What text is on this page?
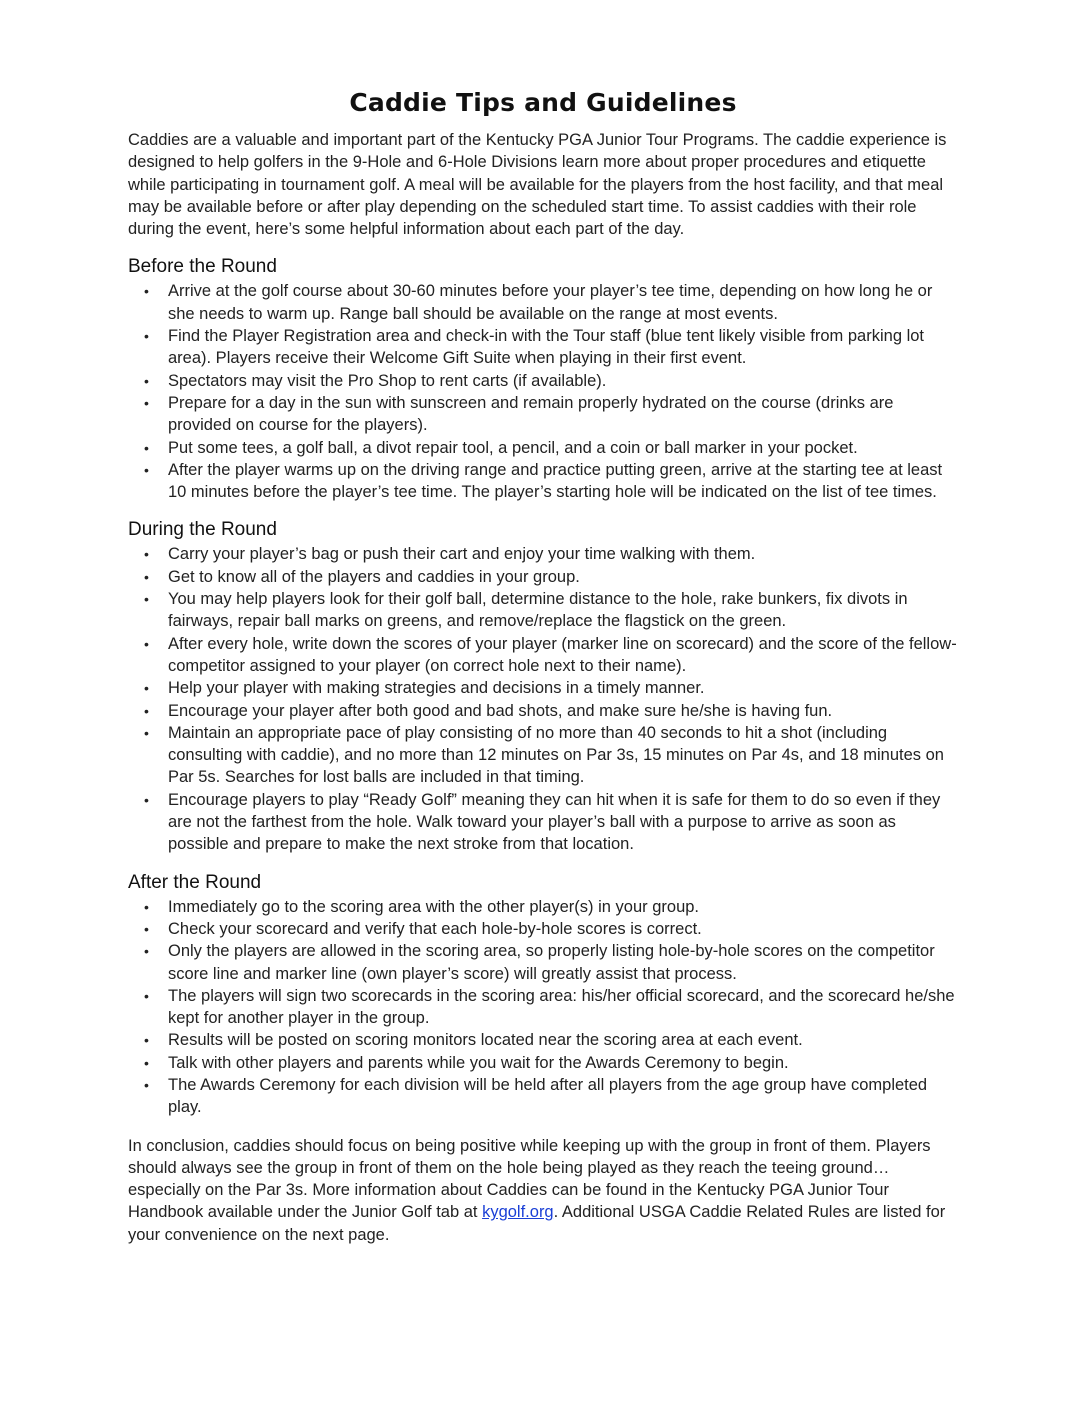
Caddie Tips and Guidelines

Caddies are a valuable and important part of the Kentucky PGA Junior Tour Programs. The caddie experience is designed to help golfers in the 9-Hole and 6-Hole Divisions learn more about proper procedures and etiquette while participating in tournament golf. A meal will be available for the players from the host facility, and that meal may be available before or after play depending on the scheduled start time. To assist caddies with their role during the event, here’s some helpful information about each part of the day.

Before the Round
• Arrive at the golf course about 30-60 minutes before your player’s tee time, depending on how long he or she needs to warm up. Range ball should be available on the range at most events.
• Find the Player Registration area and check-in with the Tour staff (blue tent likely visible from parking lot area). Players receive their Welcome Gift Suite when playing in their first event.
• Spectators may visit the Pro Shop to rent carts (if available).
• Prepare for a day in the sun with sunscreen and remain properly hydrated on the course (drinks are provided on course for the players).
• Put some tees, a golf ball, a divot repair tool, a pencil, and a coin or ball marker in your pocket.
• After the player warms up on the driving range and practice putting green, arrive at the starting tee at least 10 minutes before the player’s tee time. The player’s starting hole will be indicated on the list of tee times.
During the Round
• Carry your player’s bag or push their cart and enjoy your time walking with them.
• Get to know all of the players and caddies in your group.
• You may help players look for their golf ball, determine distance to the hole, rake bunkers, fix divots in fairways, repair ball marks on greens, and remove/replace the flagstick on the green.
• After every hole, write down the scores of your player (marker line on scorecard) and the score of the fellow-competitor assigned to your player (on correct hole next to their name).
• Help your player with making strategies and decisions in a timely manner.
• Encourage your player after both good and bad shots, and make sure he/she is having fun.
• Maintain an appropriate pace of play consisting of no more than 40 seconds to hit a shot (including consulting with caddie), and no more than 12 minutes on Par 3s, 15 minutes on Par 4s, and 18 minutes on Par 5s. Searches for lost balls are included in that timing.
• Encourage players to play “Ready Golf” meaning they can hit when it is safe for them to do so even if they are not the farthest from the hole. Walk toward your player’s ball with a purpose to arrive as soon as possible and prepare to make the next stroke from that location.
After the Round
• Immediately go to the scoring area with the other player(s) in your group.
• Check your scorecard and verify that each hole-by-hole scores is correct.
• Only the players are allowed in the scoring area, so properly listing hole-by-hole scores on the competitor score line and marker line (own player’s score) will greatly assist that process.
• The players will sign two scorecards in the scoring area: his/her official scorecard, and the scorecard he/she kept for another player in the group.
• Results will be posted on scoring monitors located near the scoring area at each event.
• Talk with other players and parents while you wait for the Awards Ceremony to begin.
• The Awards Ceremony for each division will be held after all players from the age group have completed play.

In conclusion, caddies should focus on being positive while keeping up with the group in front of them. Players should always see the group in front of them on the hole being played as they reach the teeing ground… especially on the Par 3s. More information about Caddies can be found in the Kentucky PGA Junior Tour Handbook available under the Junior Golf tab at kygolf.org. Additional USGA Caddie Related Rules are listed for your convenience on the next page.
